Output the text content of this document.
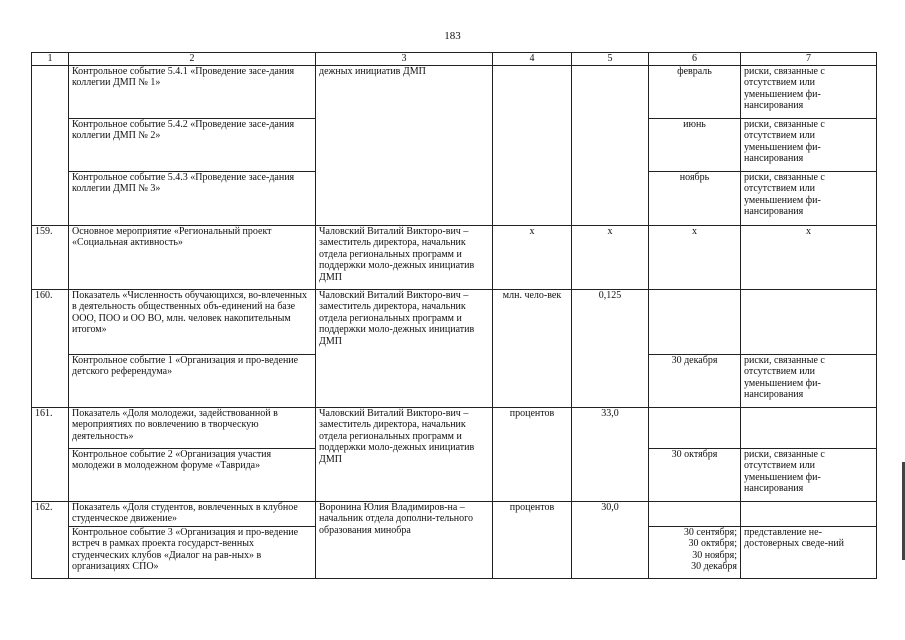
183
1	2	3	4	5	6	7
	Контрольное событие 5.4.1 «Проведение засе-дания коллегии ДМП № 1»	дежных инициатив ДМП			февраль	риски, связанные с отсутствием или уменьшением фи-нансирования
	Контрольное событие 5.4.2 «Проведение засе-дания коллегии ДМП № 2»				июнь	риски, связанные с отсутствием или уменьшением фи-нансирования
	Контрольное событие 5.4.3 «Проведение засе-дания коллегии ДМП № 3»				ноябрь	риски, связанные с отсутствием или уменьшением фи-нансирования
159.	Основное мероприятие «Региональный проект «Социальная активность»	Чаловский Виталий Викторо-вич – заместитель директора, начальник отдела региональных программ и поддержки моло-дежных инициатив ДМП	х	х	х	х
160.	Показатель «Численность обучающихся, во-влеченных в деятельность общественных объ-единений на базе ООО, ПОО и ОО ВО, млн. человек накопительным итогом»	Чаловский Виталий Викторо-вич – заместитель директора, начальник отдела региональных программ и поддержки моло-дежных инициатив ДМП	млн. чело-век	0,125		
	Контрольное событие 1 «Организация и про-ведение детского референдума»				30 декабря	риски, связанные с отсутствием или уменьшением фи-нансирования
161.	Показатель «Доля молодежи, задействованной в мероприятиях по вовлечению в творческую деятельность»	Чаловский Виталий Викторо-вич – заместитель директора, начальник отдела региональных программ и поддержки моло-дежных инициатив ДМП	процентов	33,0		
	Контрольное событие 2 «Организация участия молодежи в молодежном форуме «Таврида»				30 октября	риски, связанные с отсутствием или уменьшением фи-нансирования
162.	Показатель «Доля студентов, вовлеченных в клубное студенческое движение»	Воронина Юлия Владимиров-на – начальник отдела дополни-тельного образования минобра	процентов	30,0		
	Контрольное событие 3 «Организация и про-ведение встреч в рамках проекта государст-венных студенческих клубов «Диалог на рав-ных» в организациях СПО»				30 сентября;
30 октября;
30 ноября;
30 декабря	представление не-достоверных сведе-ний
